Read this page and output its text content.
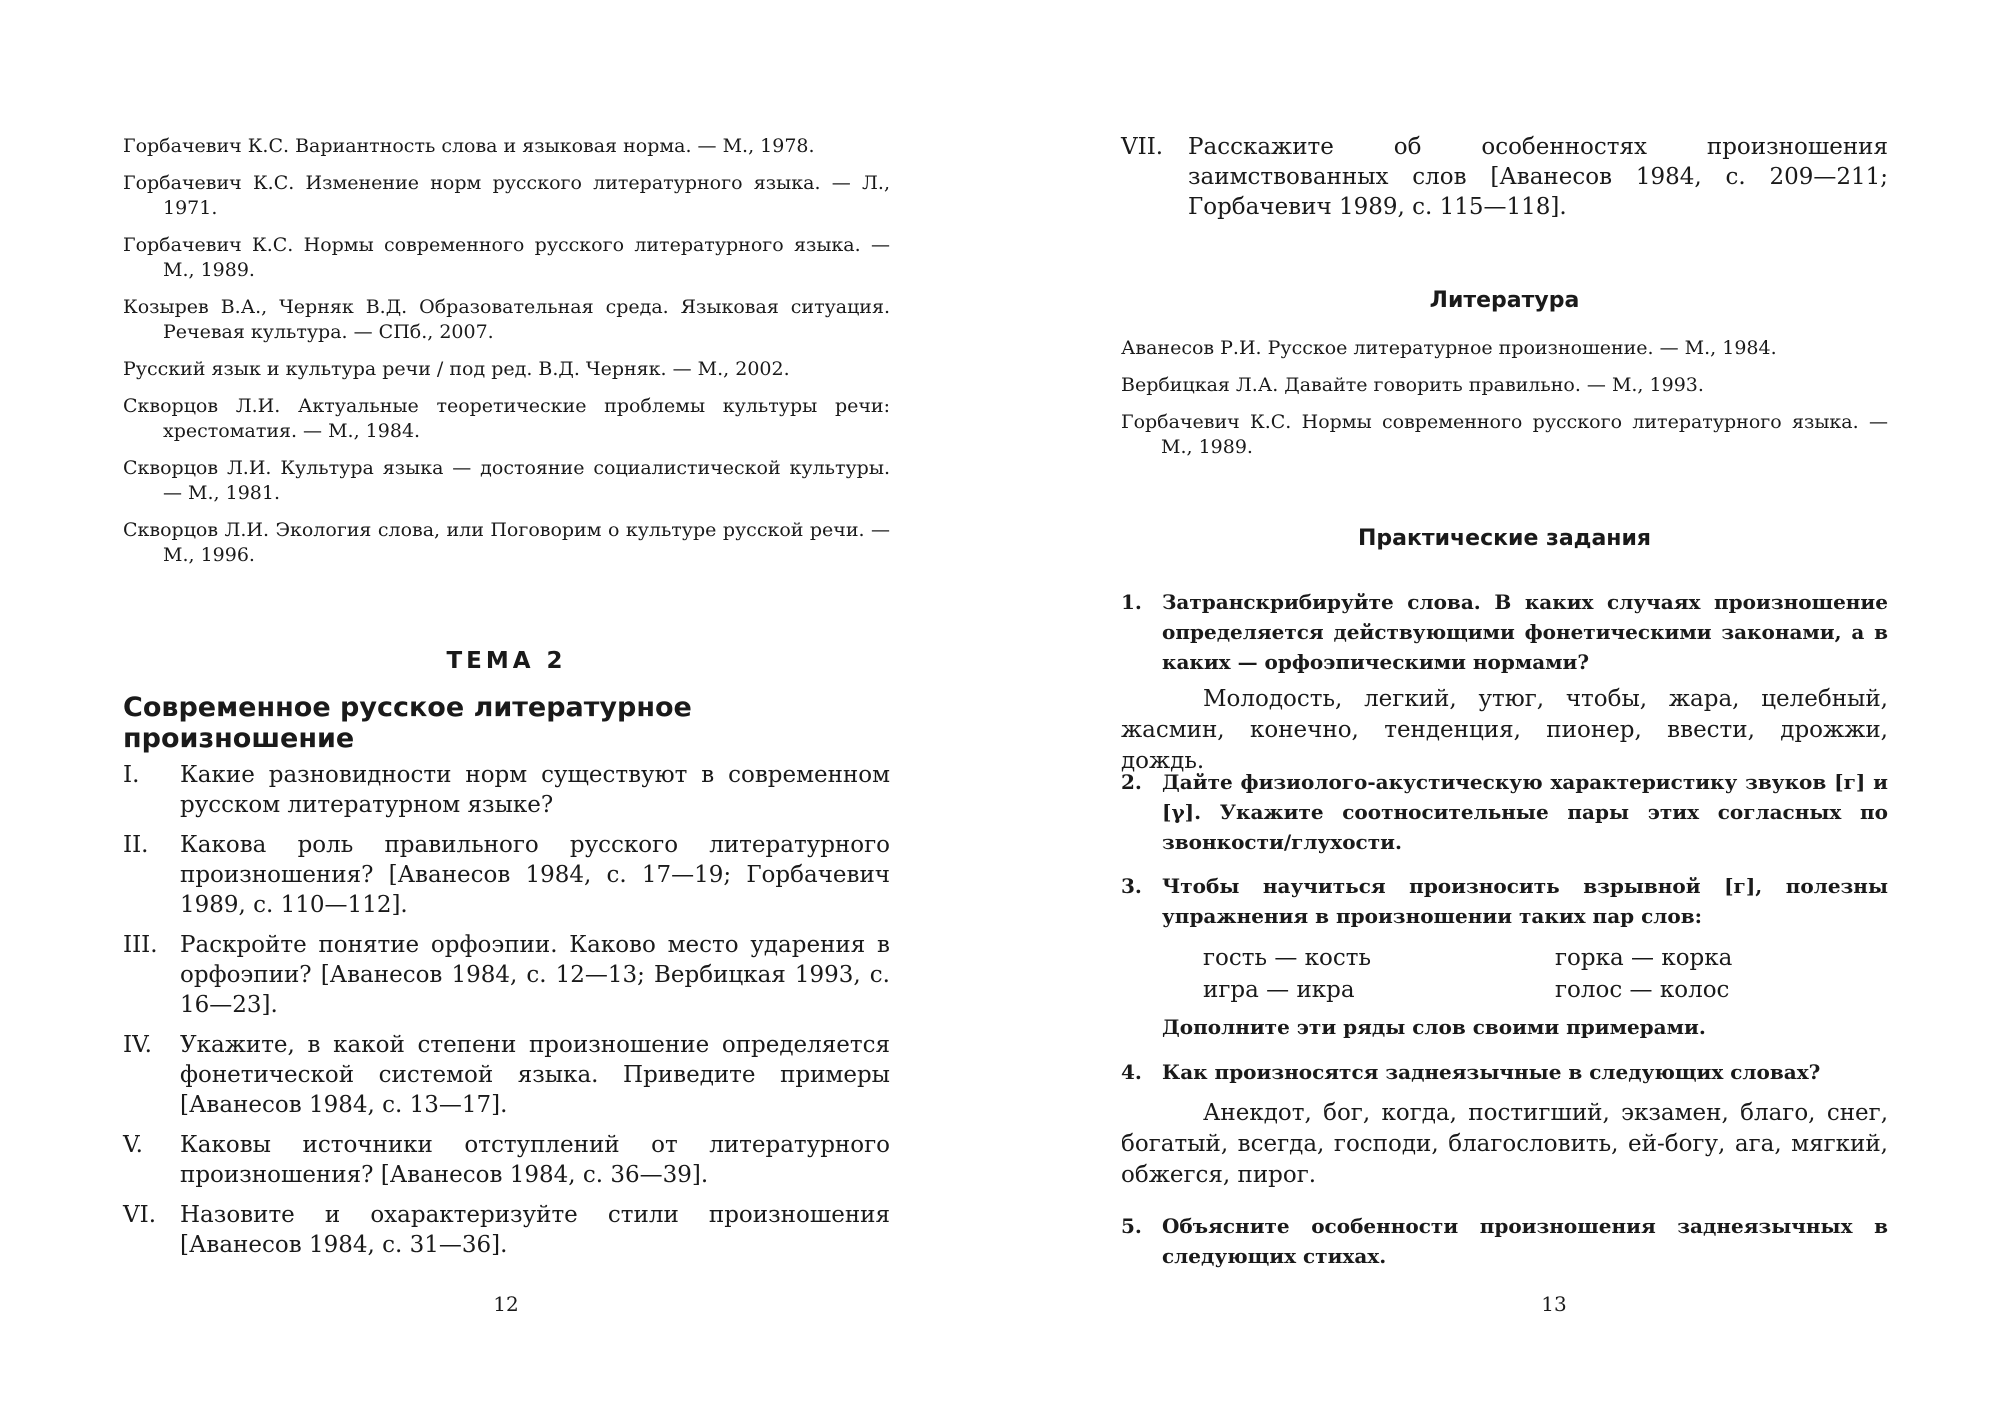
Горбачевич К.С. Вариантность слова и языковая норма. — М., 1978.
Горбачевич К.С. Изменение норм русского литературного языка. — Л., 1971.
Горбачевич К.С. Нормы современного русского литературного языка. — М., 1989.
Козырев В.А., Черняк В.Д. Образовательная среда. Языковая ситуация. Речевая культура. — СПб., 2007.
Русский язык и культура речи / под ред. В.Д. Черняк. — М., 2002.
Скворцов Л.И. Актуальные теоретические проблемы культуры речи: хрестоматия. — М., 1984.
Скворцов Л.И. Культура языка — достояние социалистической культуры. — М., 1981.
Скворцов Л.И. Экология слова, или Поговорим о культуре русской речи. — М., 1996.
ТЕМА 2
Современное русское литературное произношение
I.	Какие разновидности норм существуют в современном русском литературном языке?
II.	Какова роль правильного русского литературного произношения? [Аванесов 1984, с. 17—19; Горбачевич 1989, с. 110—112].
III. Раскройте понятие орфоэпии. Каково место ударения в орфоэпии? [Аванесов 1984, с. 12—13; Вербицкая 1993, с. 16—23].
IV.	Укажите, в какой степени произношение определяется фонетической системой языка. Приведите примеры [Аванесов 1984, с. 13—17].
V.	Каковы источники отступлений от литературного произношения? [Аванесов 1984, с. 36—39].
VI.	Назовите и охарактеризуйте стили произношения [Аванесов 1984, с. 31—36].
12
VII.	Расскажите об особенностях произношения заимствованных слов [Аванесов 1984, с. 209—211; Горбачевич 1989, с. 115—118].
Литература
Аванесов Р.И. Русское литературное произношение. — М., 1984.
Вербицкая Л.А. Давайте говорить правильно. — М., 1993.
Горбачевич К.С. Нормы современного русского литературного языка. — М., 1989.
Практические задания
1.	Затранскрибируйте слова. В каких случаях произношение определяется действующими фонетическими законами, а в каких — орфоэпическими нормами?
Молодость, легкий, утюг, чтобы, жара, целебный, жасмин, конечно, тенденция, пионер, ввести, дрожжи, дождь.
2.	Дайте физиолого-акустическую характеристику звуков [г] и [γ]. Укажите соотносительные пары этих согласных по звонкости/глухости.
3.	Чтобы научиться произносить взрывной [г], полезны упражнения в произношении таких пар слов:
гость — кость	горка — корка
игра — икра	голос — колос
Дополните эти ряды слов своими примерами.
4.	Как произносятся заднеязычные в следующих словах?
Анекдот, бог, когда, постигший, экзамен, благо, снег, богатый, всегда, господи, благословить, ей-богу, ага, мягкий, обжегся, пирог.
5.	Объясните особенности произношения заднеязычных в следующих стихах.
13
